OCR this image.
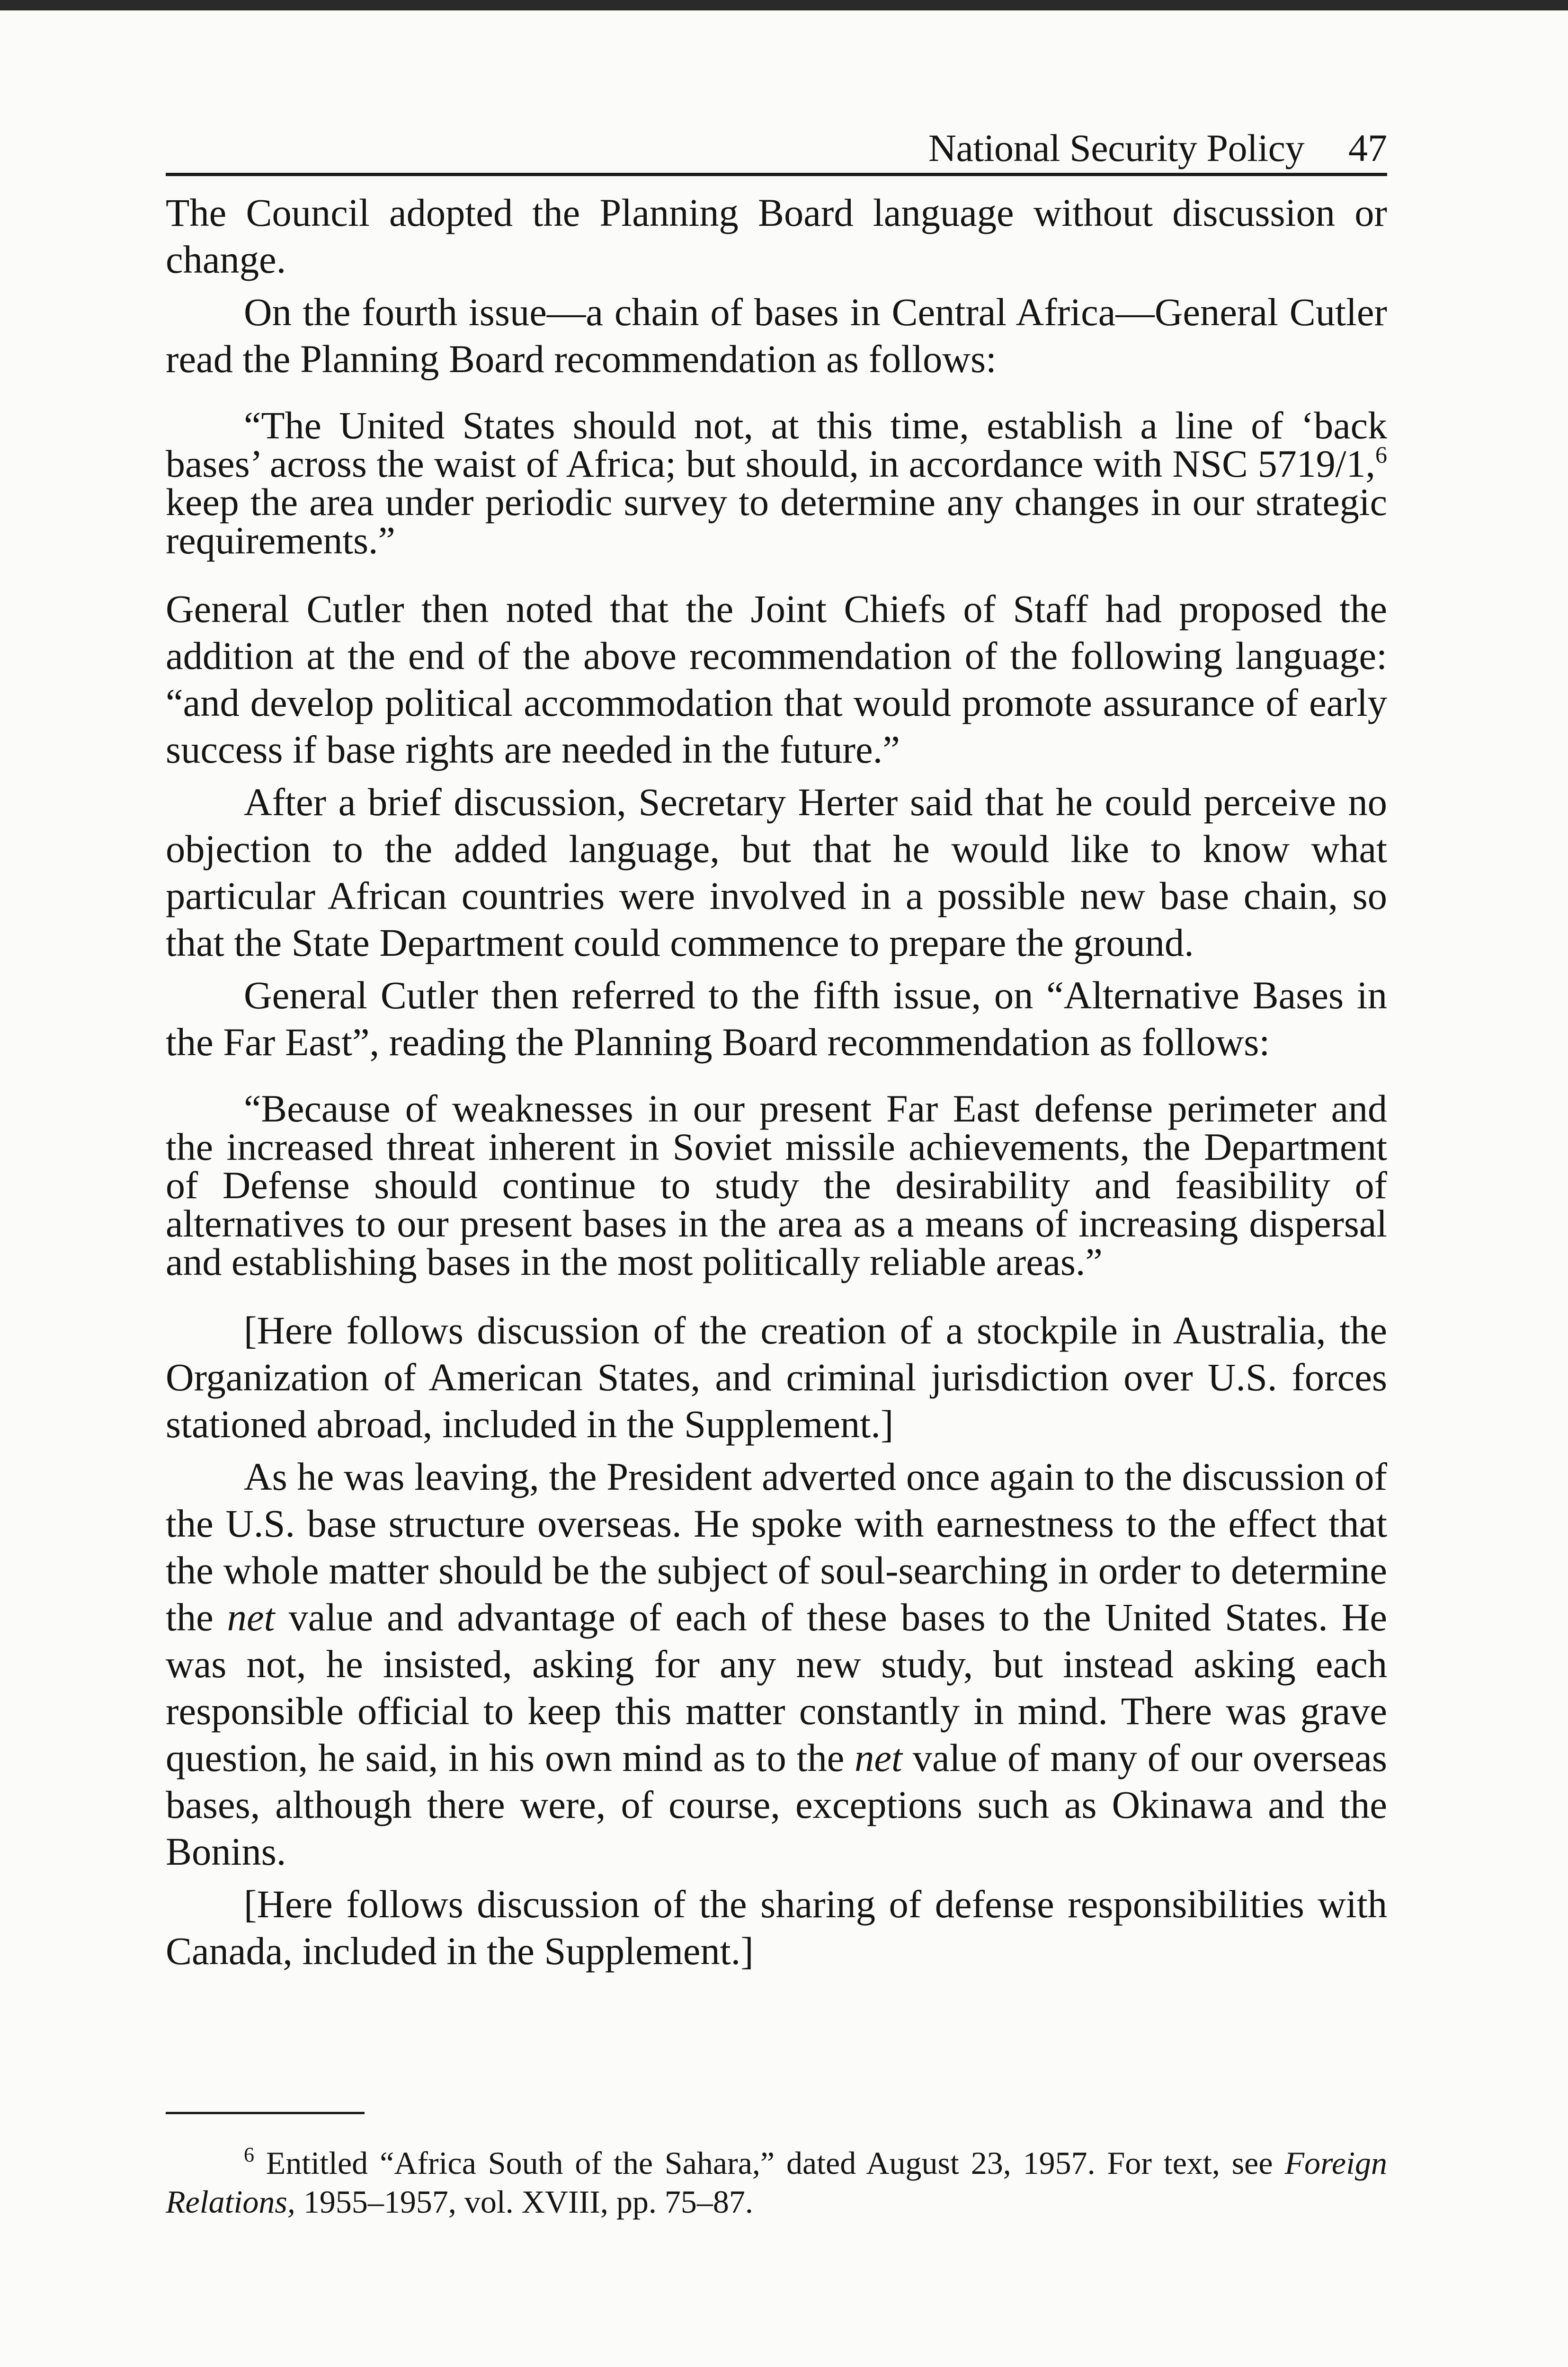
National Security Policy 47

The Council adopted the Planning Board language without discussion or change.

On the fourth issue—a chain of bases in Central Africa—General Cutler read the Planning Board recommendation as follows:

“The United States should not, at this time, establish a line of ‘back bases’ across the waist of Africa; but should, in accordance with NSC 5719/1,$^6$ keep the area under periodic survey to determine any changes in our strategic requirements.”

General Cutler then noted that the Joint Chiefs of Staff had proposed the addition at the end of the above recommendation of the following language: “and develop political accommodation that would promote assurance of early success if base rights are needed in the future.”

After a brief discussion, Secretary Herter said that he could perceive no objection to the added language, but that he would like to know what particular African countries were involved in a possible new base chain, so that the State Department could commence to prepare the ground.

General Cutler then referred to the fifth issue, on “Alternative Bases in the Far East”, reading the Planning Board recommendation as follows:

“Because of weaknesses in our present Far East defense perimeter and the increased threat inherent in Soviet missile achievements, the Department of Defense should continue to study the desirability and feasibility of alternatives to our present bases in the area as a means of increasing dispersal and establishing bases in the most politically reliable areas.”

[Here follows discussion of the creation of a stockpile in Australia, the Organization of American States, and criminal jurisdiction over U.S. forces stationed abroad, included in the Supplement.]

As he was leaving, the President adverted once again to the discussion of the U.S. base structure overseas. He spoke with earnestness to the effect that the whole matter should be the subject of soul-searching in order to determine the net value and advantage of each of these bases to the United States. He was not, he insisted, asking for any new study, but instead asking each responsible official to keep this matter constantly in mind. There was grave question, he said, in his own mind as to the net value of many of our overseas bases, although there were, of course, exceptions such as Okinawa and the Bonins.

[Here follows discussion of the sharing of defense responsibilities with Canada, included in the Supplement.]

$^6$ Entitled “Africa South of the Sahara,” dated August 23, 1957. For text, see Foreign Relations, 1955–1957, vol. XVIII, pp. 75–87.
